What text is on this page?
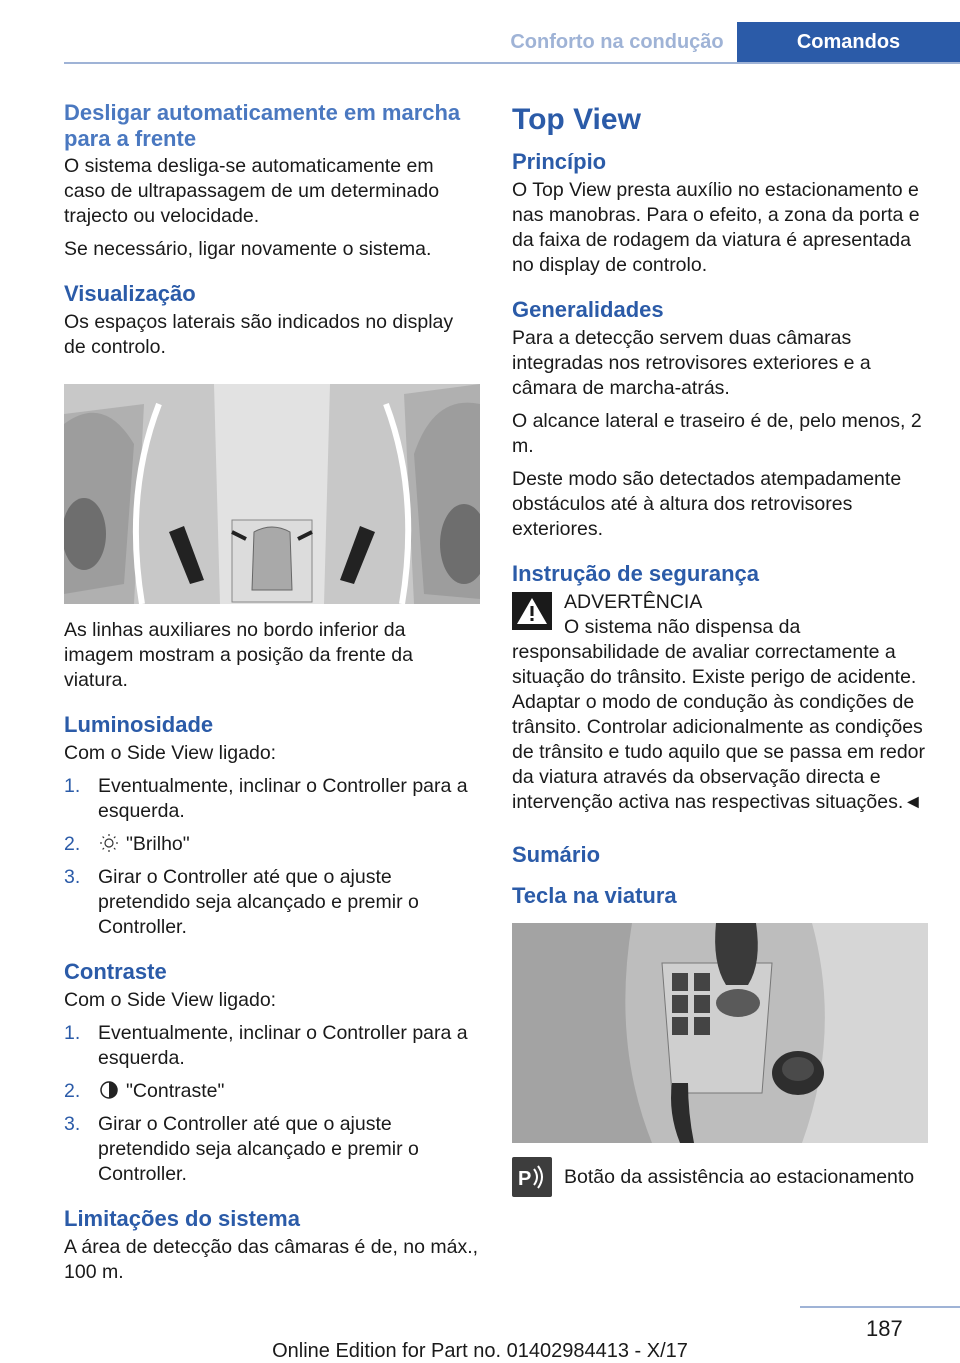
Conforto na condução	Comandos
Desligar automaticamente em marcha para a frente

O sistema desliga-se automaticamente em caso de ultrapassagem de um determinado trajecto ou velocidade.

Se necessário, ligar novamente o sistema.

Visualização

Os espaços laterais são indicados no display de controlo.

As linhas auxiliares no bordo inferior da imagem mostram a posição da frente da viatura.

Luminosidade

Com o Side View ligado:

1. Eventualmente, inclinar o Controller para a esquerda.
2. "Brilho"
3. Girar o Controller até que o ajuste pretendido seja alcançado e premir o Controller.
Contraste

Com o Side View ligado:

1. Eventualmente, inclinar o Controller para a esquerda.
2. "Contraste"
3. Girar o Controller até que o ajuste pretendido seja alcançado e premir o Controller.
Limitações do sistema

A área de detecção das câmaras é de, no máx., 100 m.

Top View
Princípio

O Top View presta auxílio no estacionamento e nas manobras. Para o efeito, a zona da porta e da faixa de rodagem da viatura é apresentada no display de controlo.

Generalidades

Para a detecção servem duas câmaras integradas nos retrovisores exteriores e a câmara de marcha-atrás.

O alcance lateral e traseiro é de, pelo menos, 2 m.

Deste modo são detectados atempadamente obstáculos até à altura dos retrovisores exteriores.

Instrução de segurança

ADVERTÊNCIA

O sistema não dispensa da responsabilidade de avaliar correctamente a situação do trânsito. Existe perigo de acidente. Adaptar o modo de condução às condições de trânsito. Controlar adicionalmente as condições de trânsito e tudo aquilo que se passa em redor da viatura através da observação directa e intervenção activa nas respectivas situações.◄

Sumário
Tecla na viatura
P	Botão da assistência ao estacionamento

187
Online Edition for Part no. 01402984413 - X/17
